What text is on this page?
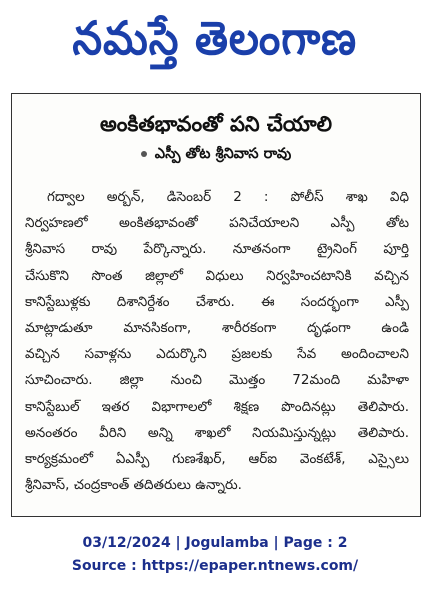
నమస్తే తెలంగాణ
అంకితభావంతో పని చేయాలి
ఎస్పీ తోట శ్రీనివాస రావు
గద్వాల అర్బన్, డిసెంబర్ 2 : పోలీస్ శాఖ విధి
నిర్వహణలో అంకితభావంతో పనిచేయాలని ఎస్పీ తోట
శ్రీనివాస రావు పేర్కొన్నారు. నూతనంగా ట్రైనింగ్ పూర్తి
చేసుకొని సొంత జిల్లాలో విధులు నిర్వహించటానికి వచ్చిన
కానిస్టేబుళ్లకు దిశానిర్దేశం చేశారు. ఈ సందర్భంగా ఎస్పీ
మాట్లాడుతూ మానసికంగా, శారీరకంగా దృఢంగా ఉండి
వచ్చిన సవాళ్లను ఎదుర్కొని ప్రజలకు సేవ అందించాలని
సూచించారు. జిల్లా నుంచి మొత్తం 72మంది మహిళా
కానిస్టేబుల్ ఇతర విభాగాలలో శిక్షణ పొందినట్లు తెలిపారు.
అనంతరం వీరిని అన్ని శాఖలో నియమిస్తున్నట్లు తెలిపారు.
కార్యక్రమంలో ఏఎస్పీ గుణశేఖర్, ఆర్ఐ వెంకటేశ్, ఎస్సైలు
శ్రీనివాస్, చంద్రకాంత్ తదితరులు ఉన్నారు.
03/12/2024 | Jogulamba | Page : 2
Source : https://epaper.ntnews.com/
